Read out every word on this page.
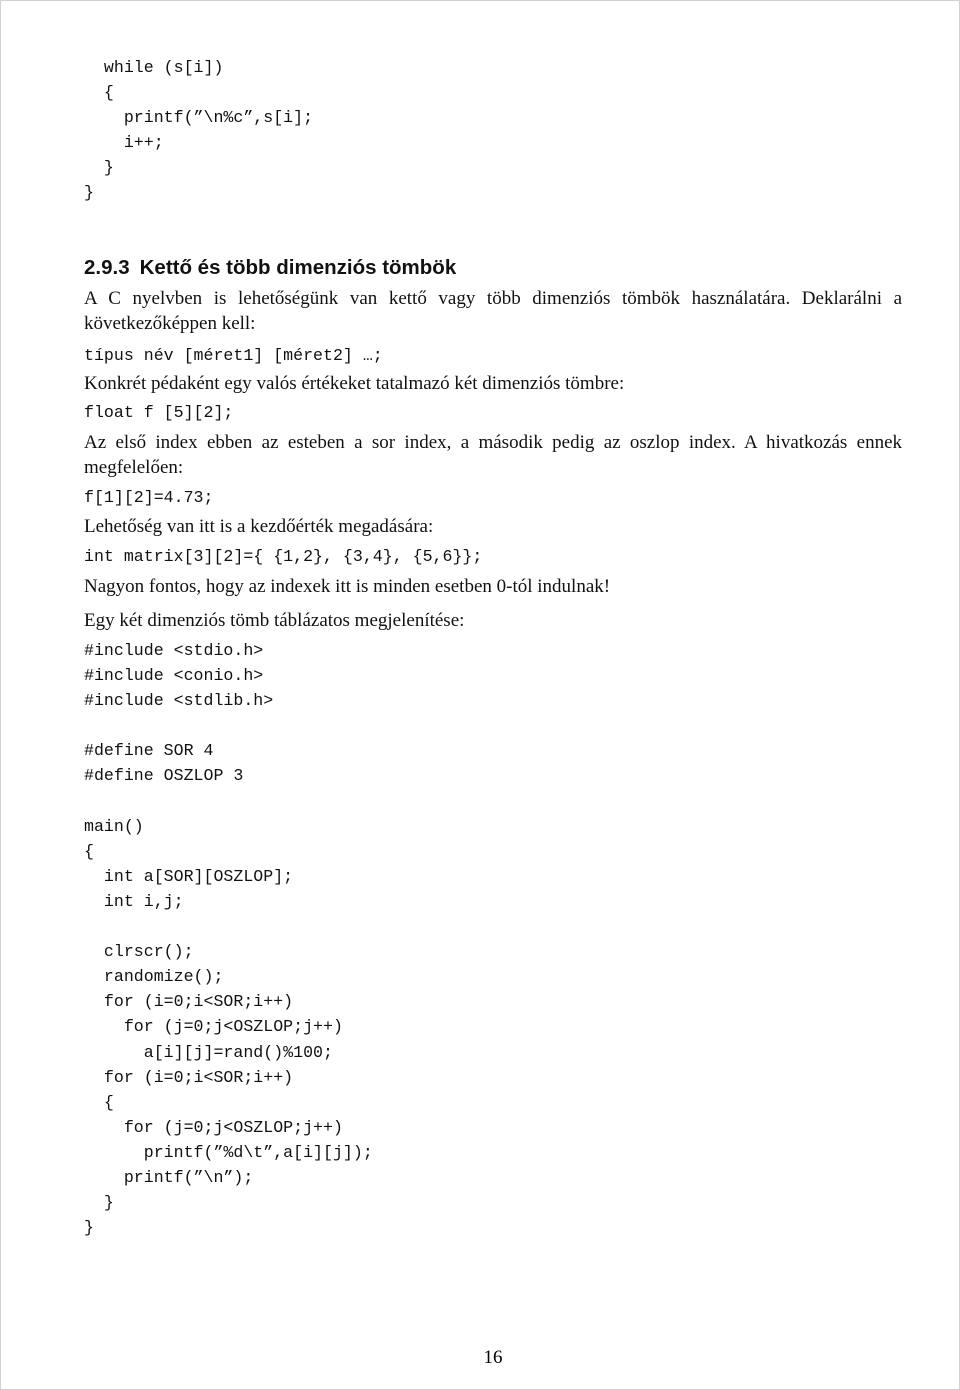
while (s[i])
{
printf(”\n%c”,s[i];
i++;
}
}
2.9.3 Kettő és több dimenziós tömbök

A C nyelvben is lehetőségünk van kettő vagy több dimenziós tömbök használatára. Deklarálni a következőképpen kell:

típus név [méret1] [méret2] …;

Konkrét pédaként egy valós értékeket tatalmazó két dimenziós tömbre:

float f [5][2];

Az első index ebben az esteben a sor index, a második pedig az oszlop index. A hivatkozás ennek megfelelően:

f[1][2]=4.73;

Lehetőség van itt is a kezdőérték megadására:

int matrix[3][2]={ {1,2}, {3,4}, {5,6}};

Nagyon fontos, hogy az indexek itt is minden esetben 0-tól indulnak!

Egy két dimenziós tömb táblázatos megjelenítése:

#include <stdio.h>
#include <conio.h>
#include <stdlib.h>
#define SOR 4
#define OSZLOP 3
main()
{
int a[SOR][OSZLOP];
int i,j;
clrscr();
randomize();
for (i=0;i<SOR;i++)
for (j=0;j<OSZLOP;j++)
a[i][j]=rand()%100;
for (i=0;i<SOR;i++)
{
for (j=0;j<OSZLOP;j++)
printf(”%d\t”,a[i][j]);
printf(”\n”);
}
}
16
